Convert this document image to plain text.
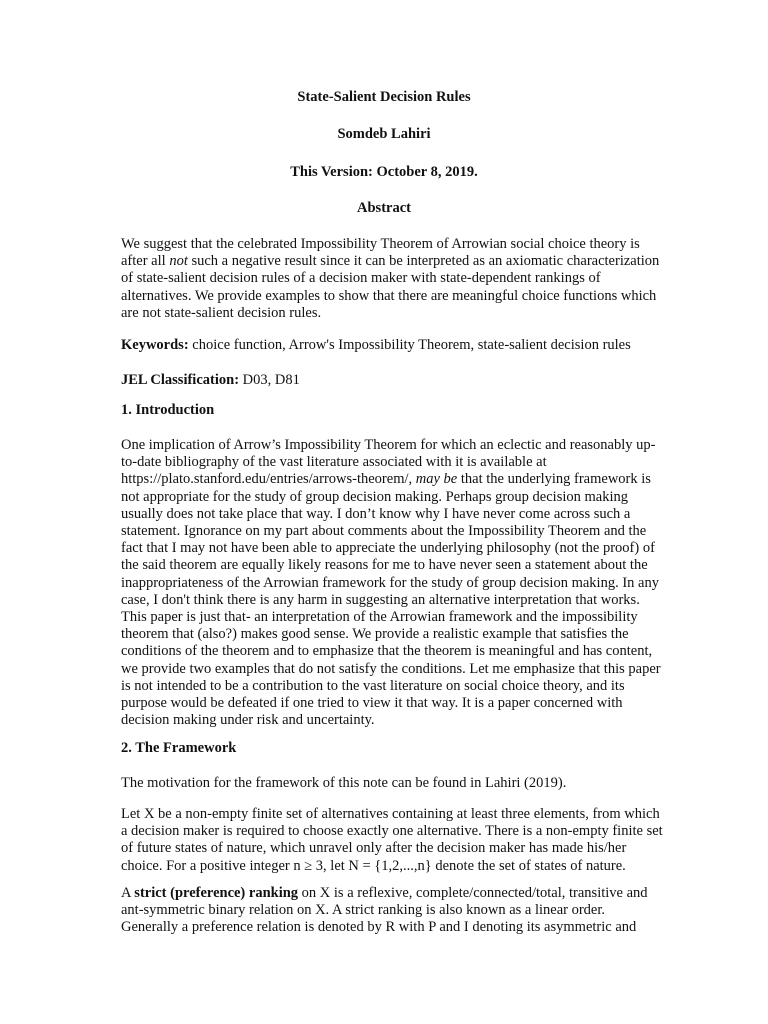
State-Salient Decision Rules
Somdeb Lahiri
This Version: October 8, 2019.
Abstract
We suggest that the celebrated Impossibility Theorem of Arrowian social choice theory is
after all not such a negative result since it can be interpreted as an axiomatic characterization
of state-salient decision rules of a decision maker with state-dependent rankings of
alternatives. We provide examples to show that there are meaningful choice functions which
are not state-salient decision rules.
Keywords: choice function, Arrow's Impossibility Theorem, state-salient decision rules
JEL Classification: D03, D81
1. Introduction
One implication of Arrow’s Impossibility Theorem for which an eclectic and reasonably up-
to-date bibliography of the vast literature associated with it is available at
https://plato.stanford.edu/entries/arrows-theorem/, may be that the underlying framework is
not appropriate for the study of group decision making. Perhaps group decision making
usually does not take place that way. I don’t know why I have never come across such a
statement. Ignorance on my part about comments about the Impossibility Theorem and the
fact that I may not have been able to appreciate the underlying philosophy (not the proof) of
the said theorem are equally likely reasons for me to have never seen a statement about the
inappropriateness of the Arrowian framework for the study of group decision making. In any
case, I don't think there is any harm in suggesting an alternative interpretation that works.
This paper is just that- an interpretation of the Arrowian framework and the impossibility
theorem that (also?) makes good sense. We provide a realistic example that satisfies the
conditions of the theorem and to emphasize that the theorem is meaningful and has content,
we provide two examples that do not satisfy the conditions. Let me emphasize that this paper
is not intended to be a contribution to the vast literature on social choice theory, and its
purpose would be defeated if one tried to view it that way. It is a paper concerned with
decision making under risk and uncertainty.
2. The Framework
The motivation for the framework of this note can be found in Lahiri (2019).
Let X be a non-empty finite set of alternatives containing at least three elements, from which
a decision maker is required to choose exactly one alternative. There is a non-empty finite set
of future states of nature, which unravel only after the decision maker has made his/her
choice. For a positive integer n ≥ 3, let N = {1,2,...,n} denote the set of states of nature.
A strict (preference) ranking on X is a reflexive, complete/connected/total, transitive and
ant-symmetric binary relation on X. A strict ranking is also known as a linear order.
Generally a preference relation is denoted by R with P and I denoting its asymmetric and
